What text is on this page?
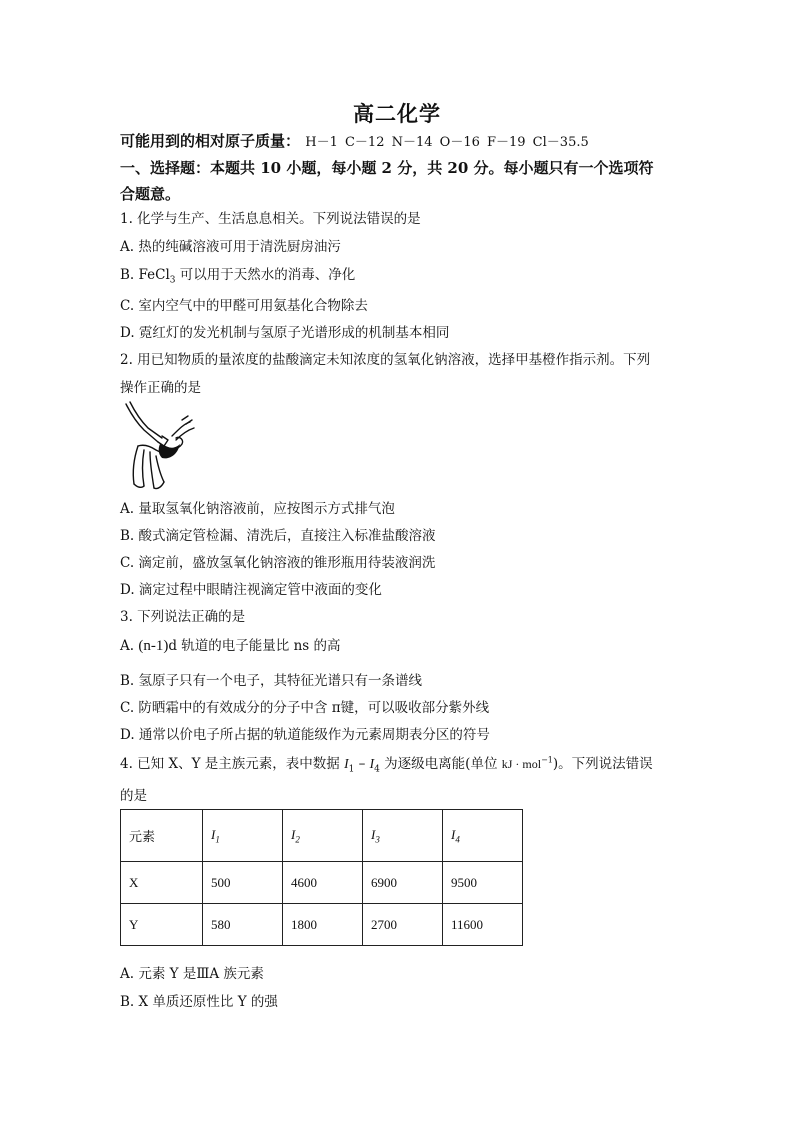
高二化学
可能用到的相对原子质量： H－1 C－12 N－14 O－16 F－19 Cl－35.5
一、选择题：本题共 10 小题，每小题 2 分，共 20 分。每小题只有一个选项符
合题意。
1. 化学与生产、生活息息相关。下列说法错误的是
A. 热的纯碱溶液可用于清洗厨房油污
B. FeCl$_3$ 可以用于天然水的消毒、净化
C. 室内空气中的甲醛可用氨基化合物除去
D. 霓红灯的发光机制与氢原子光谱形成的机制基本相同
2. 用已知物质的量浓度的盐酸滴定未知浓度的氢氧化钠溶液，选择甲基橙作指示剂。下列
操作正确的是
A. 量取氢氧化钠溶液前，应按图示方式排气泡
B. 酸式滴定管检漏、清洗后，直接注入标准盐酸溶液
C. 滴定前，盛放氢氧化钠溶液的锥形瓶用待装液润洗
D. 滴定过程中眼睛注视滴定管中液面的变化
3. 下列说法正确的是
A. (n-1)d 轨道的电子能量比 ns 的高
B. 氢原子只有一个电子，其特征光谱只有一条谱线
C. 防晒霜中的有效成分的分子中含 π键，可以吸收部分紫外线
D. 通常以价电子所占据的轨道能级作为元素周期表分区的符号
4. 已知 X、Y 是主族元素，表中数据 $I_1 - I_4$ 为逐级电离能(单位 kJ · mol$^{-1}$)。下列说法错误
的是
元素	$I_1$	$I_2$	$I_3$	$I_4$
X	500	4600	6900	9500
Y	580	1800	2700	11600
A. 元素 Y 是ⅢA 族元素
B. X 单质还原性比 Y 的强
